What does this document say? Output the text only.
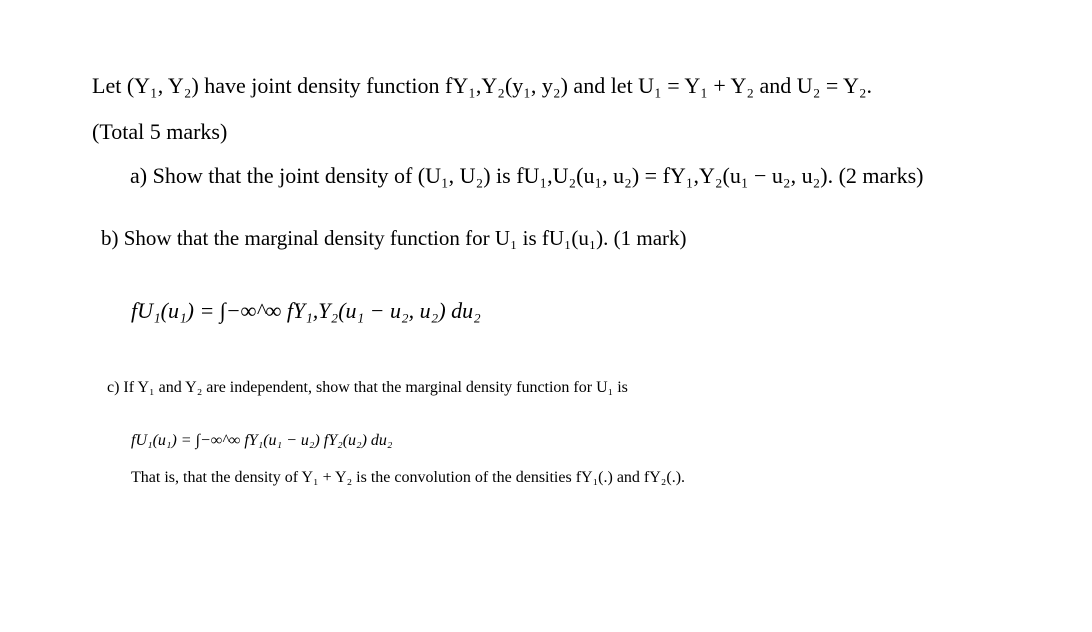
Let (Y₁, Y₂) have joint density function fY₁,Y₂(y₁, y₂) and let U₁ = Y₁ + Y₂ and U₂ = Y₂.
(Total 5 marks)
a) Show that the joint density of (U₁, U₂) is fU₁,U₂(u₁, u₂) = fY₁,Y₂(u₁ − u₂, u₂). (2 marks)
b) Show that the marginal density function for U₁ is fU₁(u₁). (1 mark)
fU₁(u₁) = ∫−∞^∞ fY₁,Y₂(u₁ − u₂, u₂) du₂
c) If Y₁ and Y₂ are independent, show that the marginal density function for U₁ is
fU₁(u₁) = ∫−∞^∞ fY₁(u₁ − u₂) fY₂(u₂) du₂
That is, that the density of Y₁ + Y₂ is the convolution of the densities fY₁(.) and fY₂(.).
